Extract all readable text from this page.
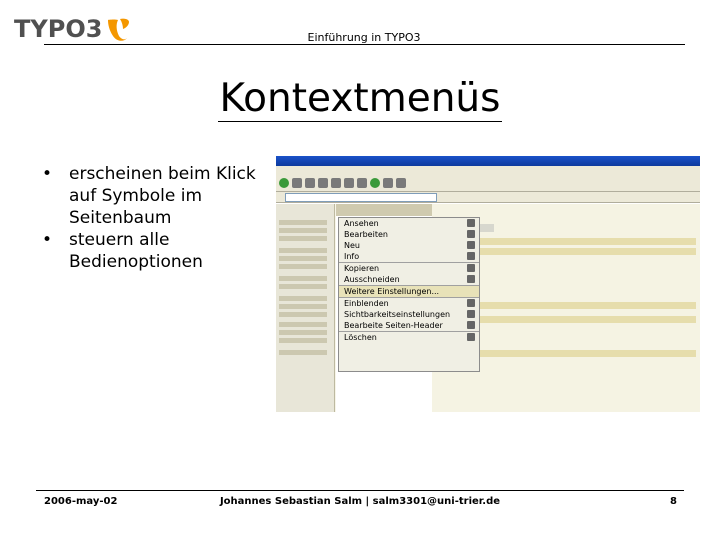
TYPO3	Einführung in TYPO3
Kontextmenüs
• erscheinen beim Klick auf Symbole im Seitenbaum
• steuern alle Bedienoptionen
Ansehen
Bearbeiten
Neu
Info
Kopieren
Ausschneiden
Weitere Einstellungen...
Einblenden
Sichtbarkeitseinstellungen
Bearbeite Seiten-Header
Löschen
2006-may-02	Johannes Sebastian Salm | salm3301@uni-trier.de	8
